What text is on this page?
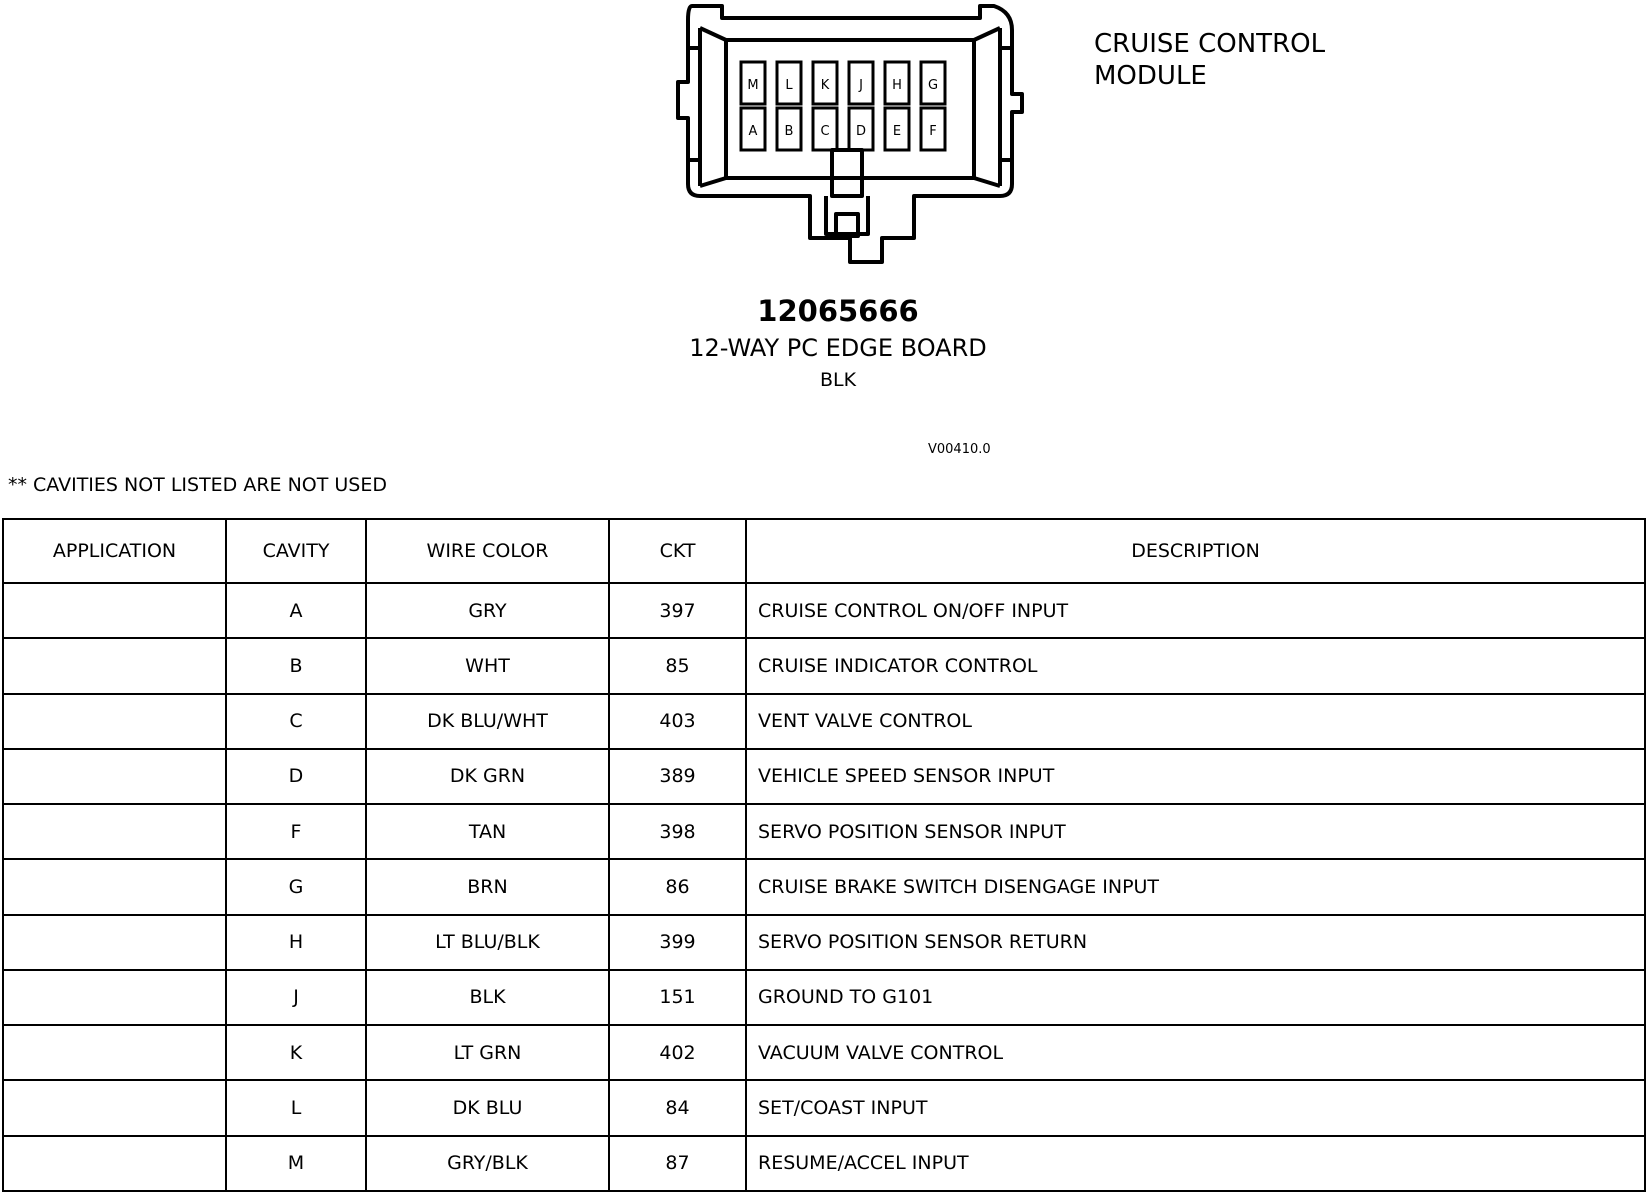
M L K J H G
A B C D E F
CRUISE CONTROL
MODULE
12065666
12-WAY PC EDGE BOARD
BLK
V00410.0
** CAVITIES NOT LISTED ARE NOT USED
APPLICATION	CAVITY	WIRE COLOR	CKT	DESCRIPTION
	A	GRY	397	CRUISE CONTROL ON/OFF INPUT
	B	WHT	85	CRUISE INDICATOR CONTROL
	C	DK BLU/WHT	403	VENT VALVE CONTROL
	D	DK GRN	389	VEHICLE SPEED SENSOR INPUT
	F	TAN	398	SERVO POSITION SENSOR INPUT
	G	BRN	86	CRUISE BRAKE SWITCH DISENGAGE INPUT
	H	LT BLU/BLK	399	SERVO POSITION SENSOR RETURN
	J	BLK	151	GROUND TO G101
	K	LT GRN	402	VACUUM VALVE CONTROL
	L	DK BLU	84	SET/COAST INPUT
	M	GRY/BLK	87	RESUME/ACCEL INPUT
